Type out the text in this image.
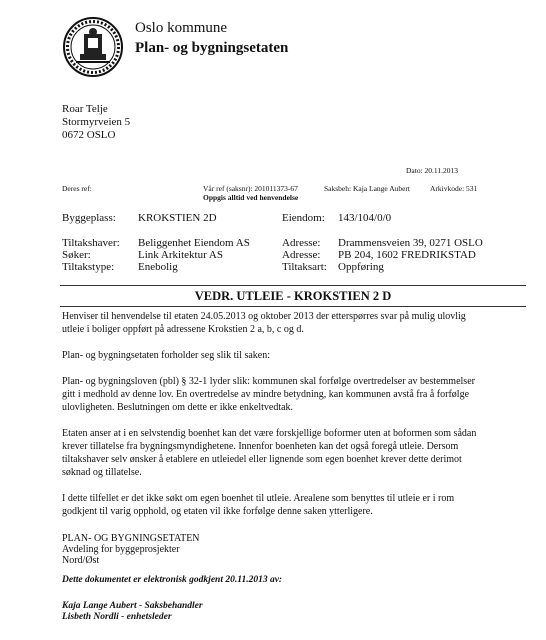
Oslo kommune
Plan- og bygningsetaten
Roar Telje
Stormyrveien 5
0672 OSLO
Dato: 20.11.2013
Deres ref:	Vår ref (saksnr): 201011373-67
Oppgis alltid ved henvendelse
Saksbeh: Kaja Lange Aubert	Arkivkode: 531
Byggeplass: KROKSTIEN 2D	Eiendom: 143/104/0/0
Tiltakshaver: Beliggenhet Eiendom AS	Adresse: Drammensveien 39, 0271 OSLO
Søker:	Link Arkitektur AS	Adresse: PB 204, 1602 FREDRIKSTAD
Tiltakstype: Enebolig	Tiltaksart: Oppføring
VEDR. UTLEIE - KROKSTIEN 2 D
Henviser til henvendelse til etaten 24.05.2013 og oktober 2013 der etterspørres svar på mulig ulovlig
utleie i boliger oppført på adressene Krokstien 2 a, b, c og d.
Plan- og bygningsetaten forholder seg slik til saken:
Plan- og bygningsloven (pbl) § 32-1 lyder slik: kommunen skal forfølge overtredelser av bestemmelser
gitt i medhold av denne lov. En overtredelse av mindre betydning, kan kommunen avstå fra å forfølge
ulovligheten. Beslutningen om dette er ikke enkeltvedtak.
Etaten anser at i en selvstendig boenhet kan det være forskjellige boformer uten at boformen som sådan
krever tillatelse fra bygningsmyndighetene. Innenfor boenheten kan det også foregå utleie. Dersom
tiltakshaver selv ønsker å etablere en utleiedel eller lignende som egen boenhet krever dette derimot
søknad og tillatelse.
I dette tilfellet er det ikke søkt om egen boenhet til utleie. Arealene som benyttes til utleie er i rom
godkjent til varig opphold, og etaten vil ikke forfølge denne saken ytterligere.
PLAN- OG BYGNINGSETATEN
Avdeling for byggeprosjekter
Nord/Øst
Dette dokumentet er elektronisk godkjent 20.11.2013 av:
Kaja Lange Aubert - Saksbehandler
Lisbeth Nordli - enhetsleder
